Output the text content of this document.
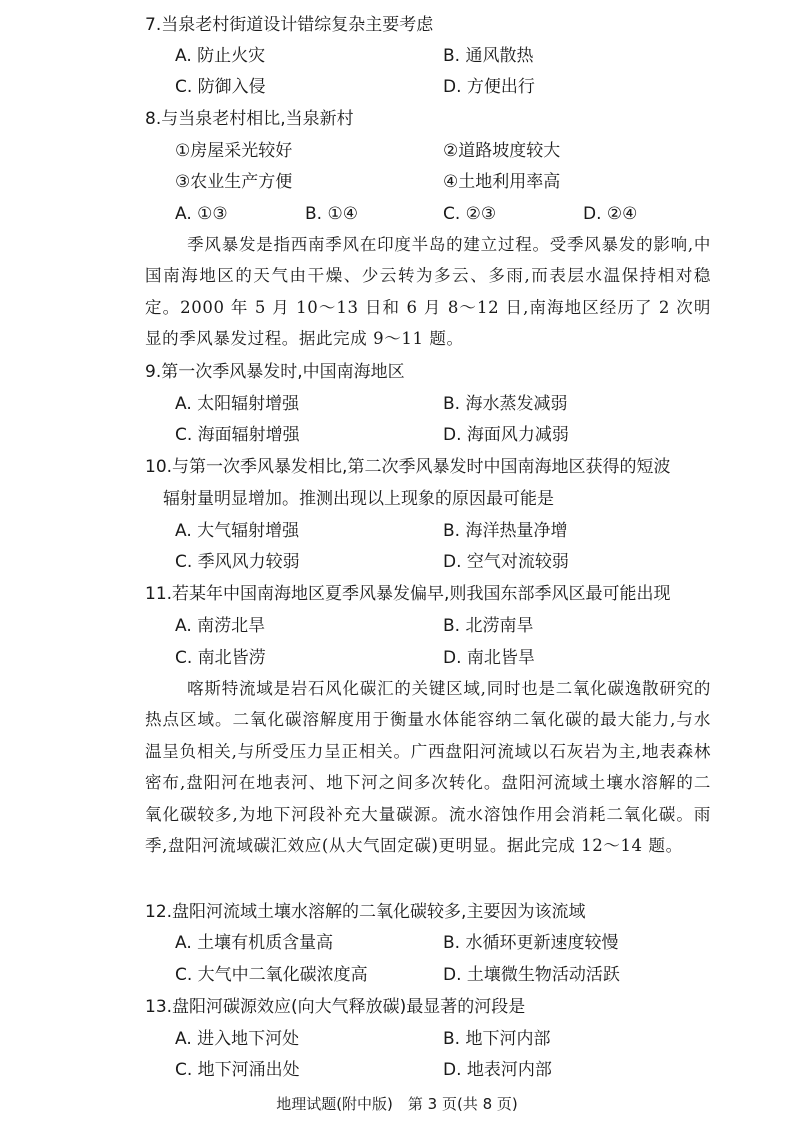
7.当泉老村街道设计错综复杂主要考虑
A. 防止火灾	B. 通风散热
C. 防御入侵	D. 方便出行
8.与当泉老村相比,当泉新村
①房屋采光较好	②道路坡度较大
③农业生产方便	④土地利用率高
A. ①③	B. ①④	C. ②③	D. ②④
季风暴发是指西南季风在印度半岛的建立过程。受季风暴发的影响,中国南海地区的天气由干燥、少云转为多云、多雨,而表层水温保持相对稳定。2000 年 5 月 10～13 日和 6 月 8～12 日,南海地区经历了 2 次明显的季风暴发过程。据此完成 9～11 题。
9.第一次季风暴发时,中国南海地区
A. 太阳辐射增强	B. 海水蒸发减弱
C. 海面辐射增强	D. 海面风力减弱
10.与第一次季风暴发相比,第二次季风暴发时中国南海地区获得的短波
辐射量明显增加。推测出现以上现象的原因最可能是
A. 大气辐射增强	B. 海洋热量净增
C. 季风风力较弱	D. 空气对流较弱
11.若某年中国南海地区夏季风暴发偏早,则我国东部季风区最可能出现
A. 南涝北旱	B. 北涝南旱
C. 南北皆涝	D. 南北皆旱
喀斯特流域是岩石风化碳汇的关键区域,同时也是二氧化碳逸散研究的热点区域。二氧化碳溶解度用于衡量水体能容纳二氧化碳的最大能力,与水温呈负相关,与所受压力呈正相关。广西盘阳河流域以石灰岩为主,地表森林密布,盘阳河在地表河、地下河之间多次转化。盘阳河流域土壤水溶解的二氧化碳较多,为地下河段补充大量碳源。流水溶蚀作用会消耗二氧化碳。雨季,盘阳河流域碳汇效应(从大气固定碳)更明显。据此完成 12～14 题。
12.盘阳河流域土壤水溶解的二氧化碳较多,主要因为该流域
A. 土壤有机质含量高	B. 水循环更新速度较慢
C. 大气中二氧化碳浓度高	D. 土壤微生物活动活跃
13.盘阳河碳源效应(向大气释放碳)最显著的河段是
A. 进入地下河处	B. 地下河内部
C. 地下河涌出处	D. 地表河内部
地理试题(附中版)　第 3 页(共 8 页)
